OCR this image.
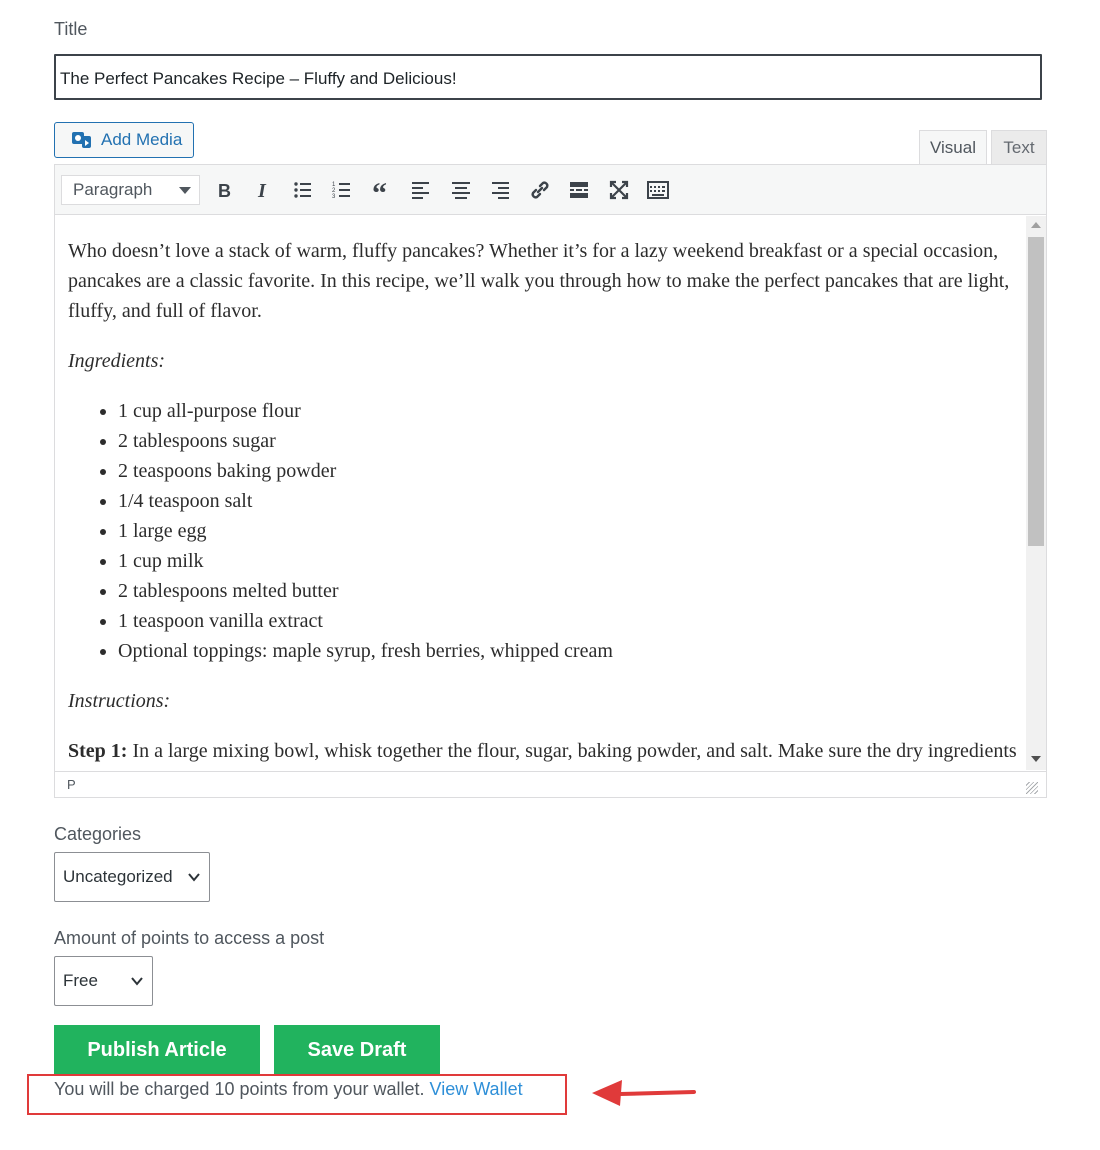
Title
The Perfect Pancakes Recipe – Fluffy and Delicious!
Add Media	Visual	Text
Paragraph	B I	1
2
3 “

Who doesn’t love a stack of warm, fluffy pancakes? Whether it’s for a lazy weekend breakfast or a special occasion, pancakes are a classic favorite. In this recipe, we’ll walk you through how to make the perfect pancakes that are light, fluffy, and full of flavor.

Ingredients:

• 1 cup all-purpose flour
• 2 tablespoons sugar
• 2 teaspoons baking powder
• 1/4 teaspoon salt
• 1 large egg
• 1 cup milk
• 2 tablespoons melted butter
• 1 teaspoon vanilla extract
• Optional toppings: maple syrup, fresh berries, whipped cream

Instructions:

Step 1: In a large mixing bowl, whisk together the flour, sugar, baking powder, and salt. Make sure the dry ingredients

P
Categories
Uncategorized
Amount of points to access a post
Free
Publish Article	Save Draft
You will be charged 10 points from your wallet. View Wallet
